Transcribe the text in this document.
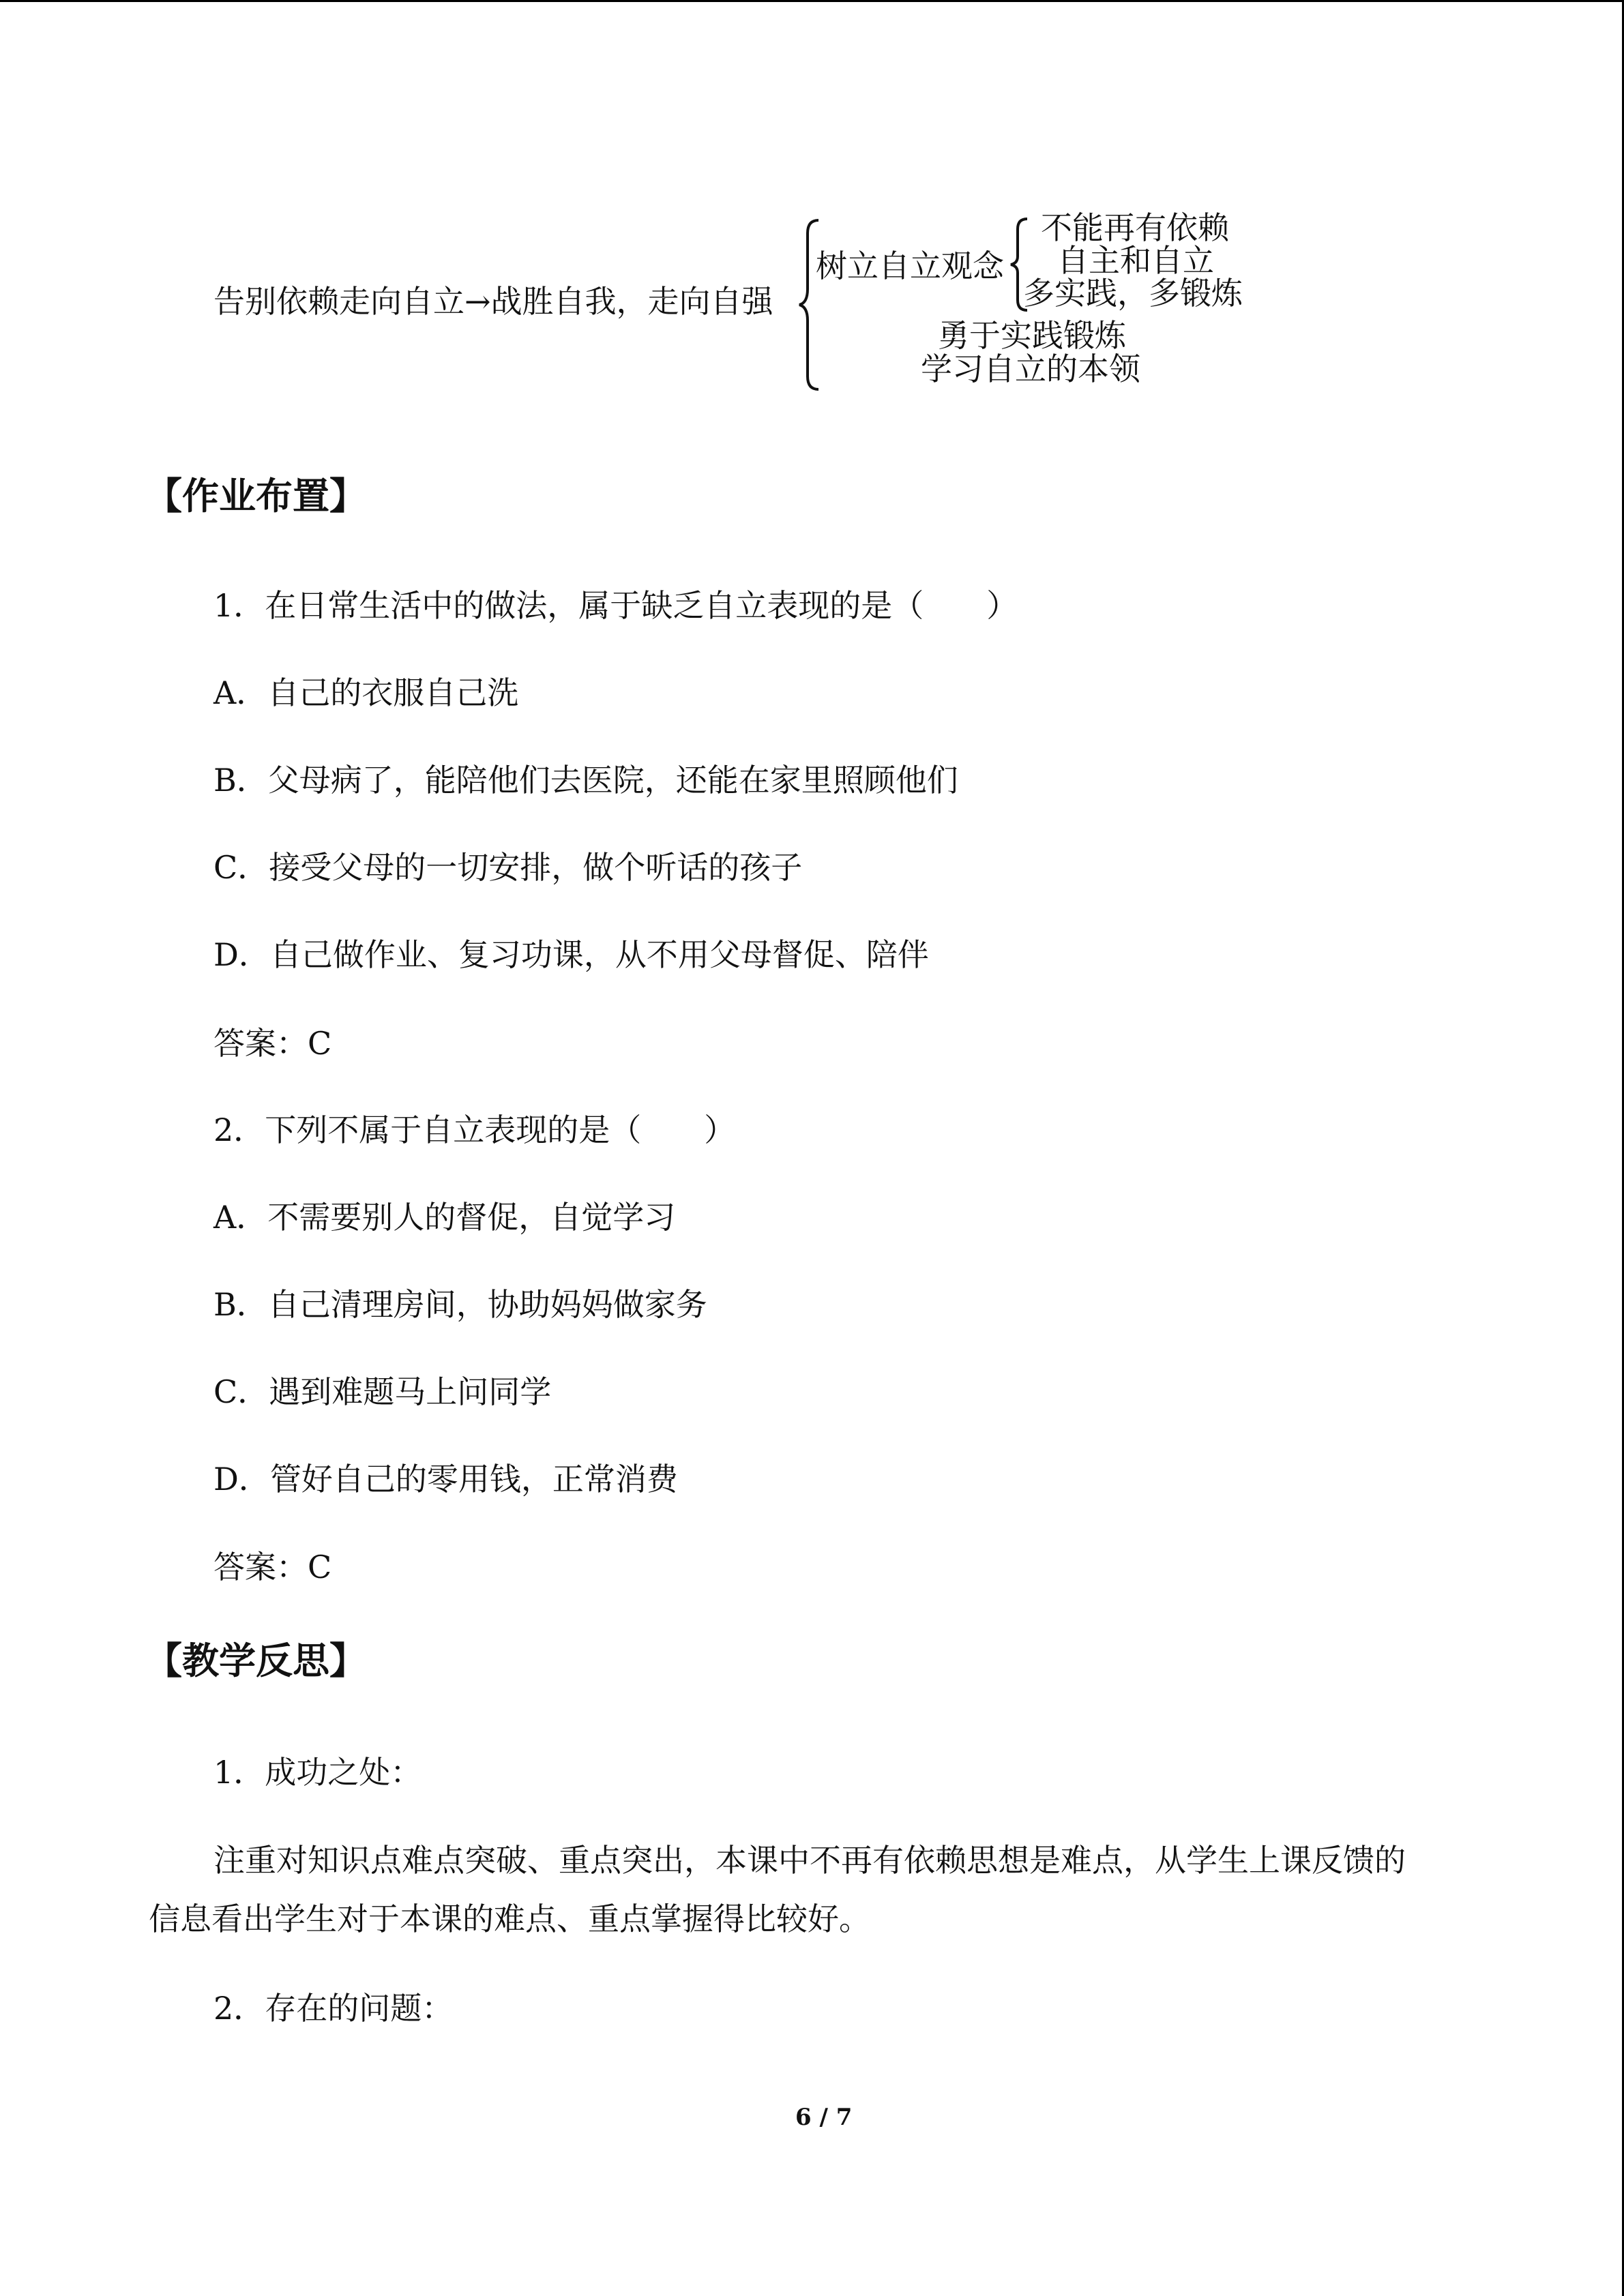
告别依赖走向自立→战胜自我，走向自强
树立自立观念
不能再有依赖
自主和自立
多实践，多锻炼
勇于实践锻炼
学习自立的本领
【作业布置】
1．在日常生活中的做法，属于缺乏自立表现的是（　　）
A．自己的衣服自己洗
B．父母病了，能陪他们去医院，还能在家里照顾他们
C．接受父母的一切安排，做个听话的孩子
D．自己做作业、复习功课，从不用父母督促、陪伴
答案：C
2．下列不属于自立表现的是（　　）
A．不需要别人的督促，自觉学习
B．自己清理房间，协助妈妈做家务
C．遇到难题马上问同学
D．管好自己的零用钱，正常消费
答案：C
【教学反思】
1．成功之处：
注重对知识点难点突破、重点突出，本课中不再有依赖思想是难点，从学生上课反馈的
信息看出学生对于本课的难点、重点掌握得比较好。
2．存在的问题：
6 / 7
